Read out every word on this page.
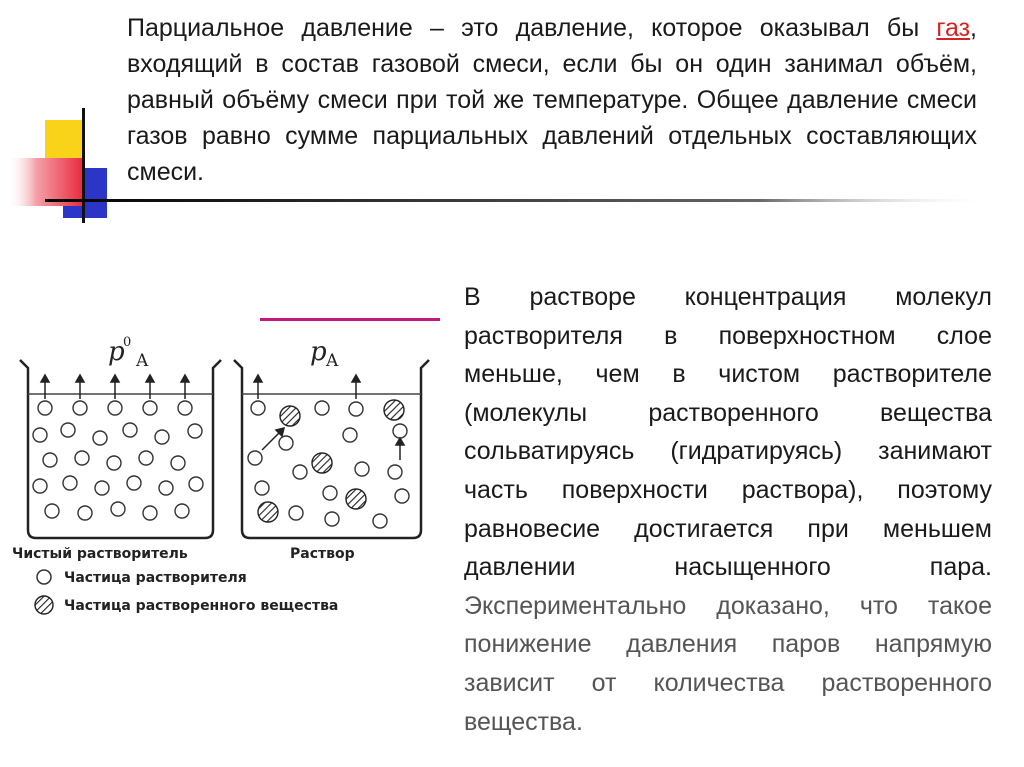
Парциальное давление – это давление, которое оказывал бы газ, входящий в состав газовой смеси, если бы он один занимал объём, равный объёму смеси при той же температуре. Общее давление смеси газов равно сумме парциальных давлений отдельных составляющих смеси.

В растворе концентрация молекул растворителя в поверхностном слое меньше, чем в чистом растворителе (молекулы растворенного вещества сольватируясь (гидратируясь) занимают часть поверхности раствора), поэтому равновесие достигается при меньшем давлении насыщенного пара. Экспериментально доказано, что такое понижение давления паров напрямую зависит от количества растворенного вещества.

p
0
A	p A
Чистый растворитель	Раствор
Частица растворителя
Частица растворенного вещества
